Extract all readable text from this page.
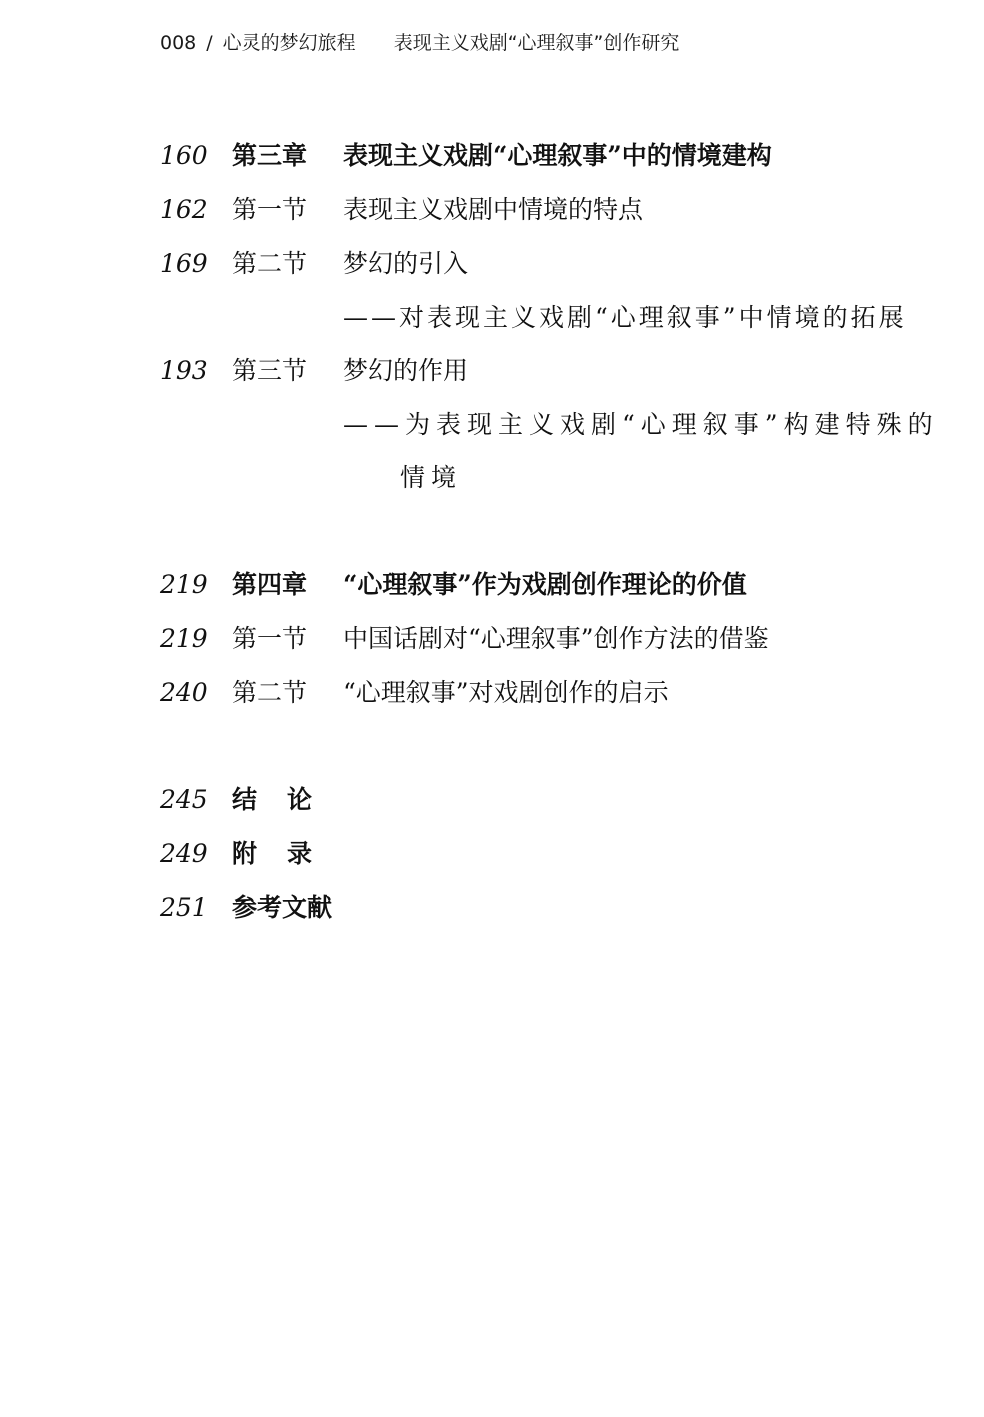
008 / 心灵的梦幻旅程 表现主义戏剧“心理叙事”创作研究
160 第三章 表现主义戏剧“心理叙事”中的情境建构
162 第一节 表现主义戏剧中情境的特点
169 第二节 梦幻的引入
——对表现主义戏剧“心理叙事”中情境的拓展
193 第三节 梦幻的作用
——为表现主义戏剧“心理叙事”构建特殊的
情境
219 第四章 “心理叙事”作为戏剧创作理论的价值
219 第一节 中国话剧对“心理叙事”创作方法的借鉴
240 第二节 “心理叙事”对戏剧创作的启示
245 结论
249 附录
251 参考文献
